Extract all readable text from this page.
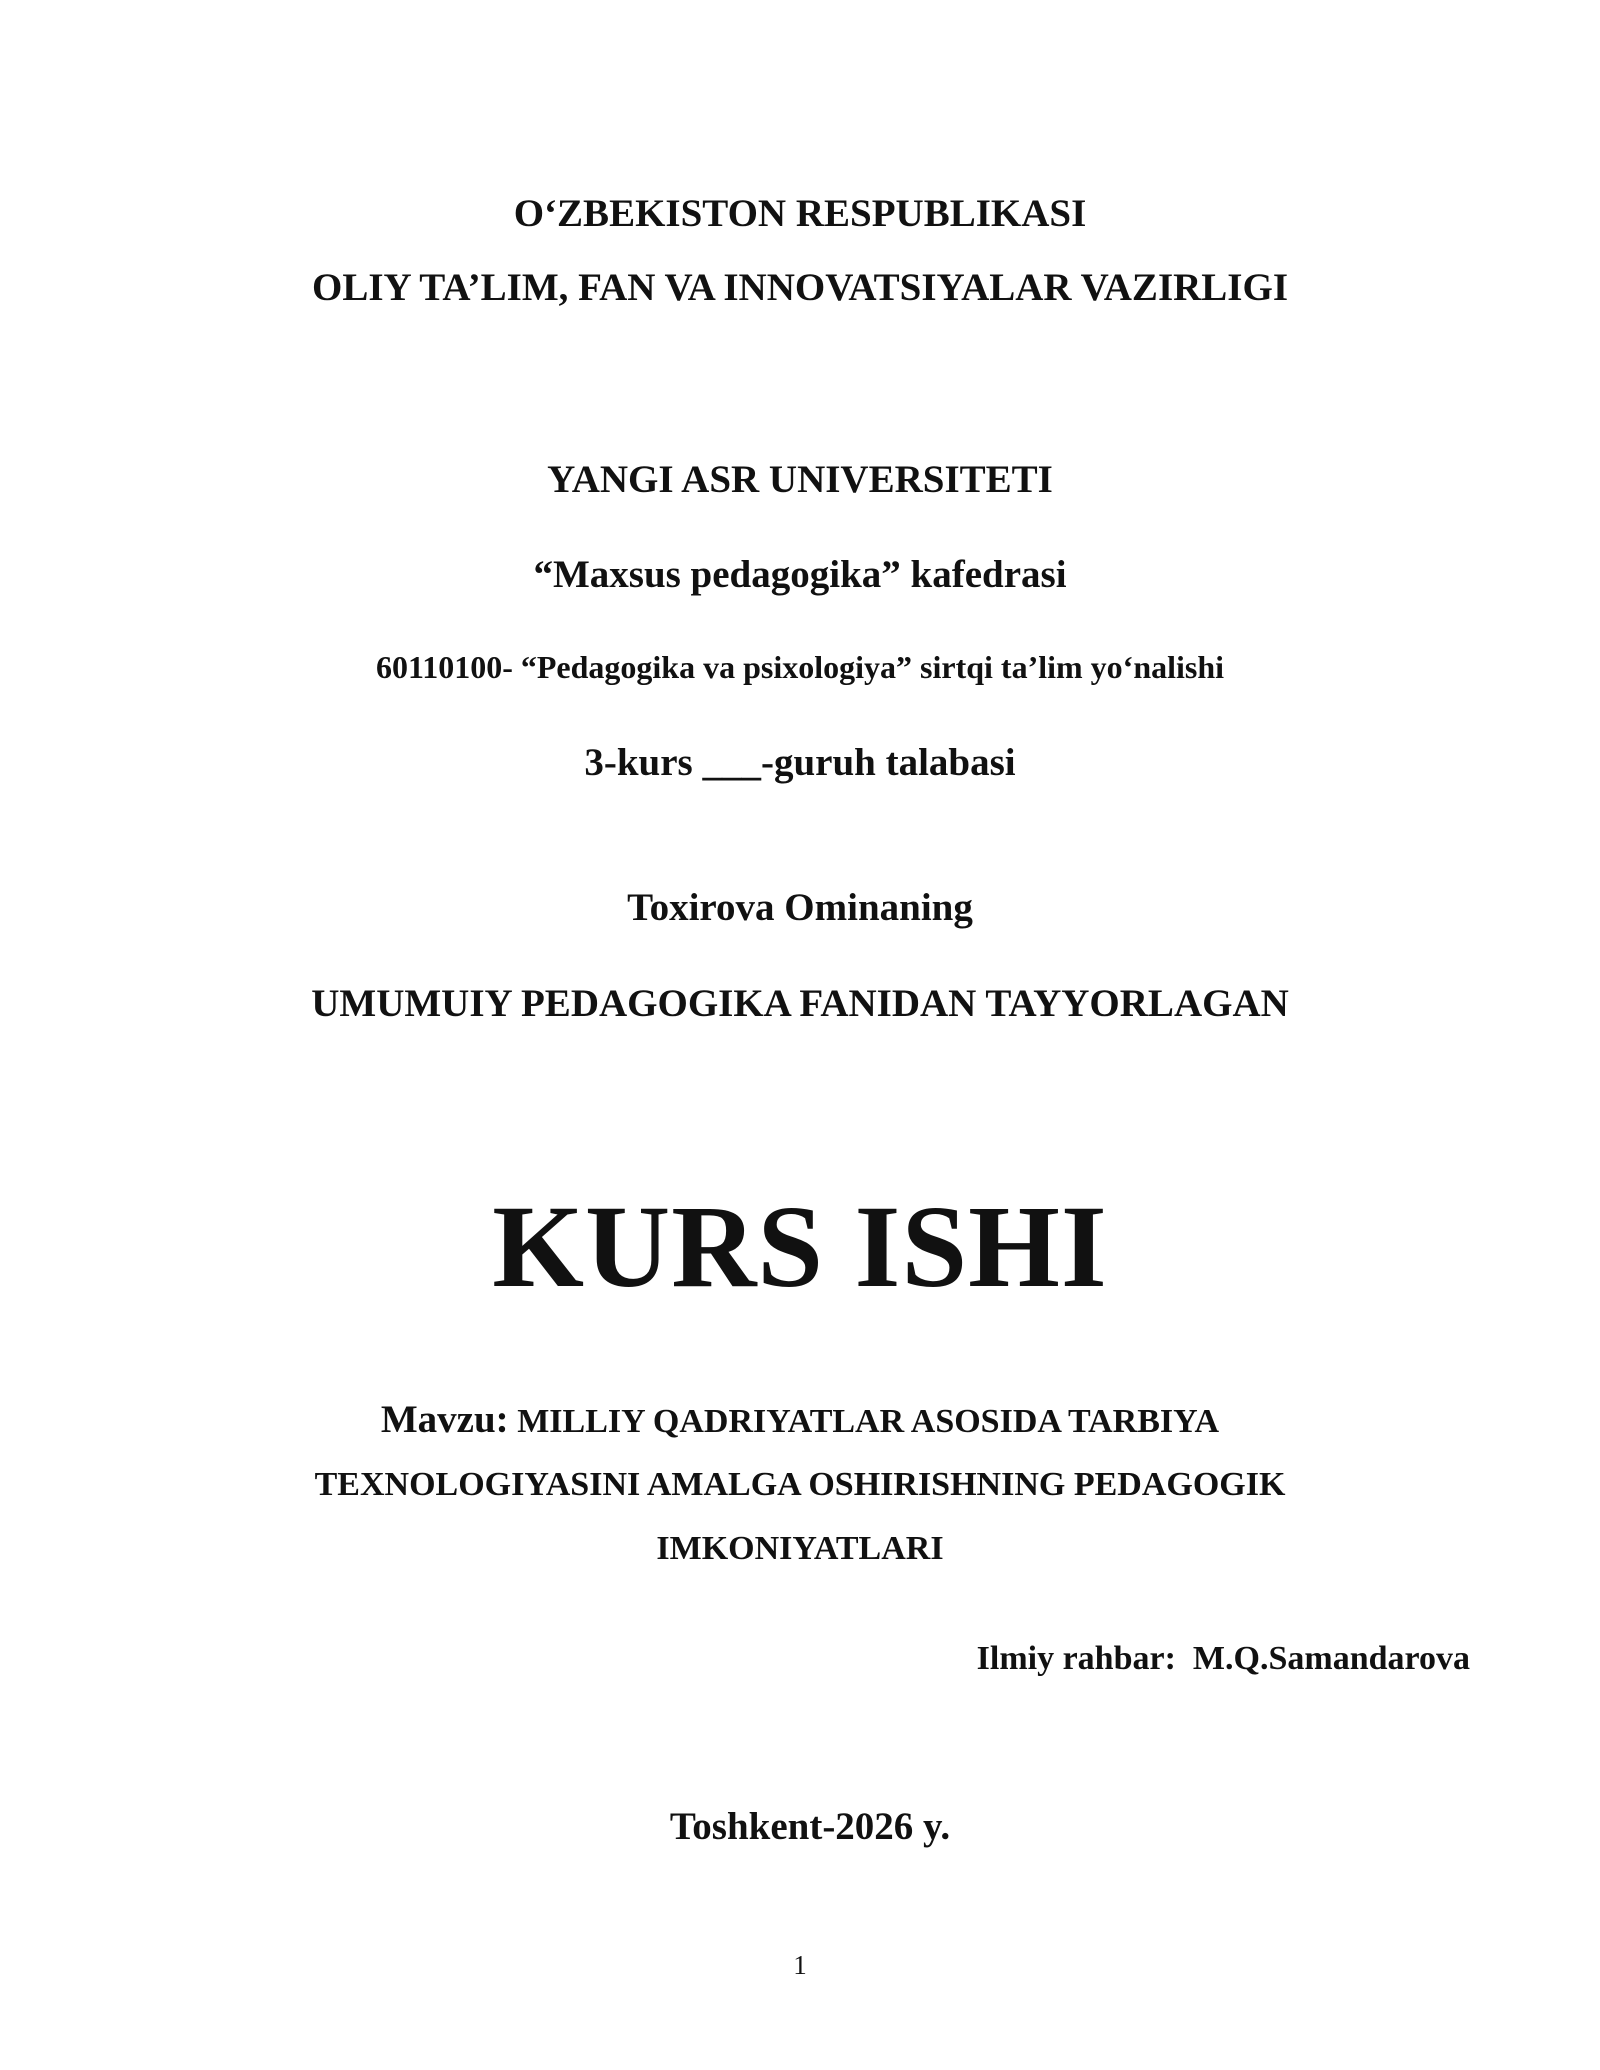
O‘ZBEKISTON RESPUBLIKASI
OLIY TA’LIM, FAN VA INNOVATSIYALAR VAZIRLIGI
YANGI ASR UNIVERSITETI
“Maxsus pedagogika” kafedrasi
60110100- “Pedagogika va psixologiya” sirtqi ta’lim yo‘nalishi
3-kurs ___-guruh talabasi
Toxirova Ominaning
UMUMUIY PEDAGOGIKA FANIDAN TAYYORLAGAN
KURS ISHI
Mavzu: MILLIY QADRIYATLAR ASOSIDA TARBIYA
TEXNOLOGIYASINI AMALGA OSHIRISHNING PEDAGOGIK
IMKONIYATLARI
Ilmiy rahbar: M.Q.Samandarova
Toshkent-2026 y.
1
